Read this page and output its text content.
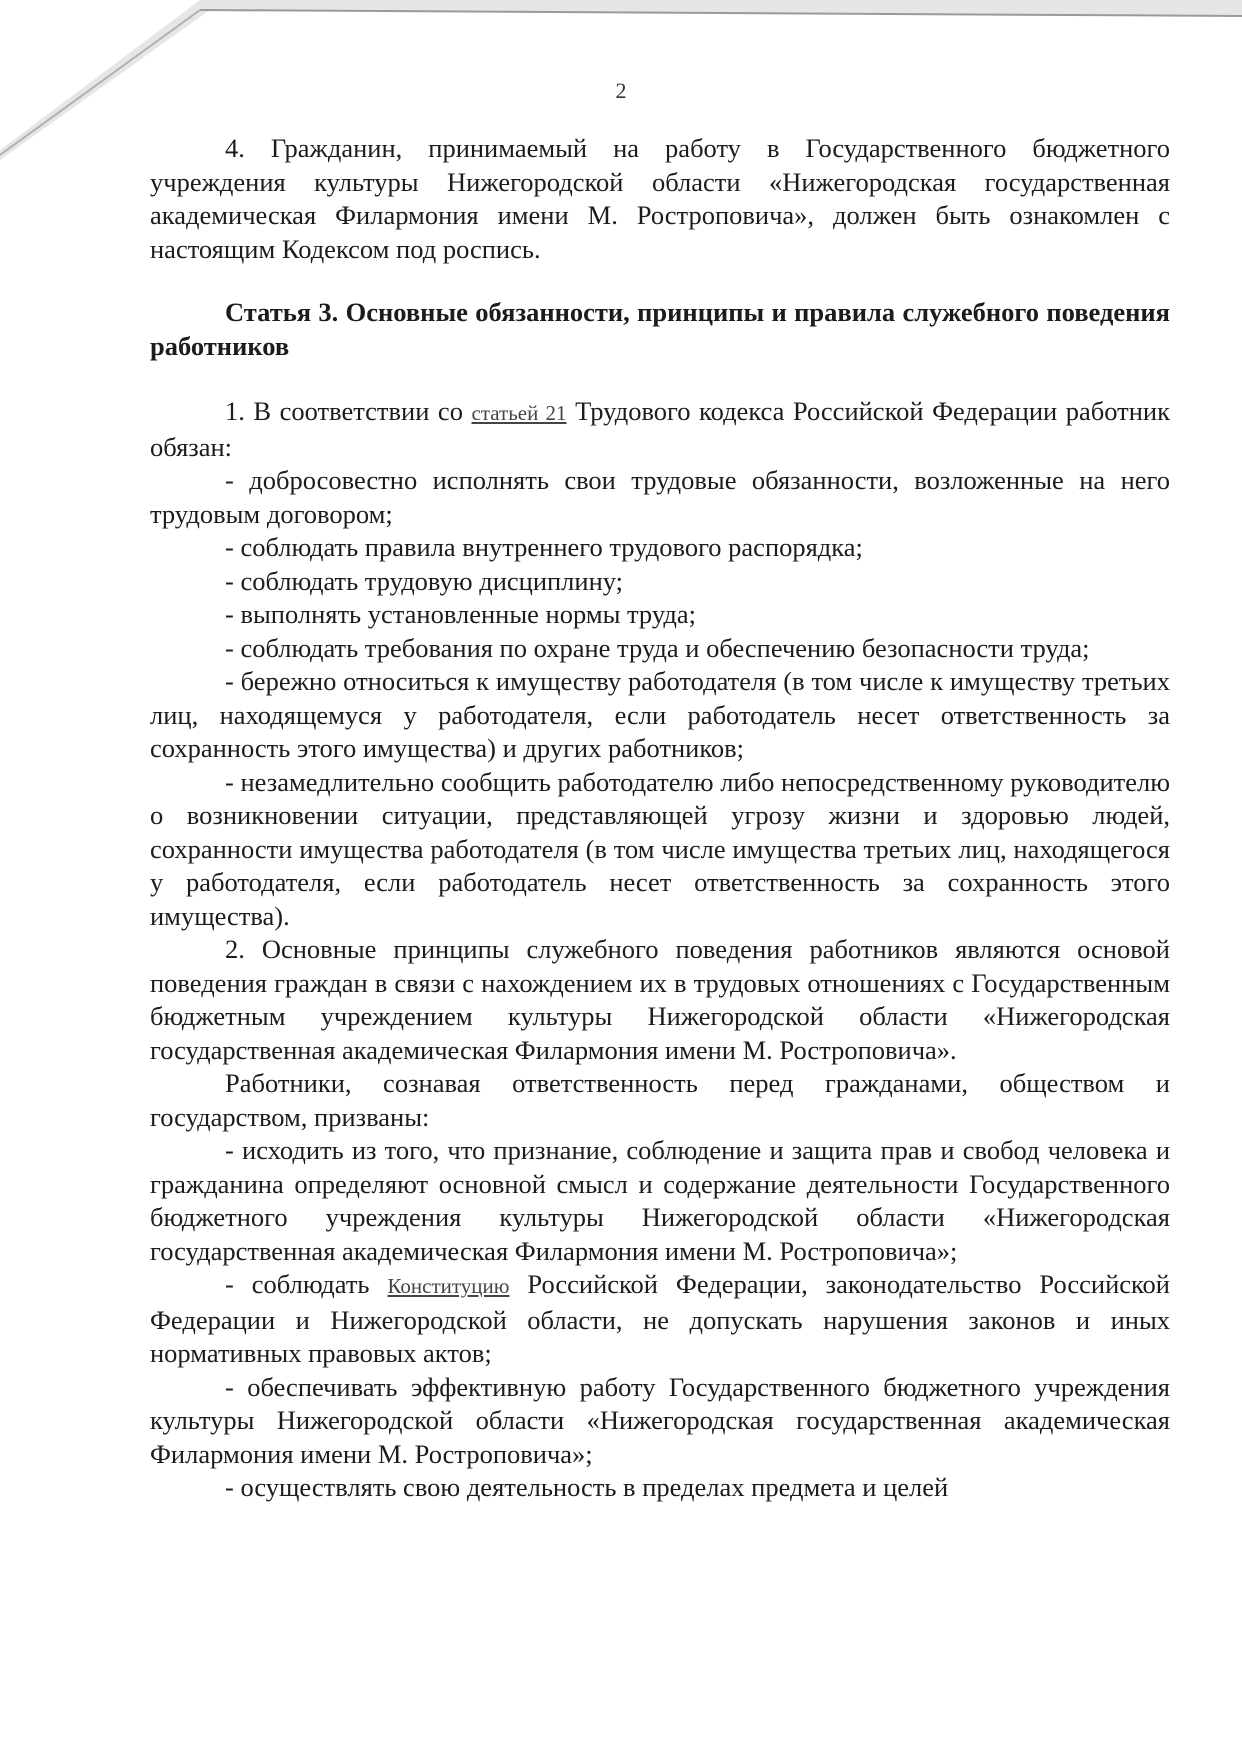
2

4. Гражданин, принимаемый на работу в Государственного бюджетного учреждения культуры Нижегородской области «Нижегородская государственная академическая Филармония имени М. Ростроповича», должен быть ознакомлен с настоящим Кодексом под роспись.

Статья 3. Основные обязанности, принципы и правила служебного поведения работников

1. В соответствии со статьей 21 Трудового кодекса Российской Федерации работник обязан:

- добросовестно исполнять свои трудовые обязанности, возложенные на него трудовым договором;

- соблюдать правила внутреннего трудового распорядка;

- соблюдать трудовую дисциплину;

- выполнять установленные нормы труда;

- соблюдать требования по охране труда и обеспечению безопасности труда;

- бережно относиться к имуществу работодателя (в том числе к имуществу третьих лиц, находящемуся у работодателя, если работодатель несет ответственность за сохранность этого имущества) и других работников;

- незамедлительно сообщить работодателю либо непосредственному руководителю о возникновении ситуации, представляющей угрозу жизни и здоровью людей, сохранности имущества работодателя (в том числе имущества третьих лиц, находящегося у работодателя, если работодатель несет ответственность за сохранность этого имущества).

2. Основные принципы служебного поведения работников являются основой поведения граждан в связи с нахождением их в трудовых отношениях с Государственным бюджетным учреждением культуры Нижегородской области «Нижегородская государственная академическая Филармония имени М. Ростроповича».

Работники, сознавая ответственность перед гражданами, обществом и государством, призваны:

- исходить из того, что признание, соблюдение и защита прав и свобод человека и гражданина определяют основной смысл и содержание деятельности Государственного бюджетного учреждения культуры Нижегородской области «Нижегородская государственная академическая Филармония имени М. Ростроповича»;

- соблюдать Конституцию Российской Федерации, законодательство Российской Федерации и Нижегородской области, не допускать нарушения законов и иных нормативных правовых актов;

- обеспечивать эффективную работу Государственного бюджетного учреждения культуры Нижегородской области «Нижегородская государственная академическая Филармония имени М. Ростроповича»;

- осуществлять свою деятельность в пределах предмета и целей
